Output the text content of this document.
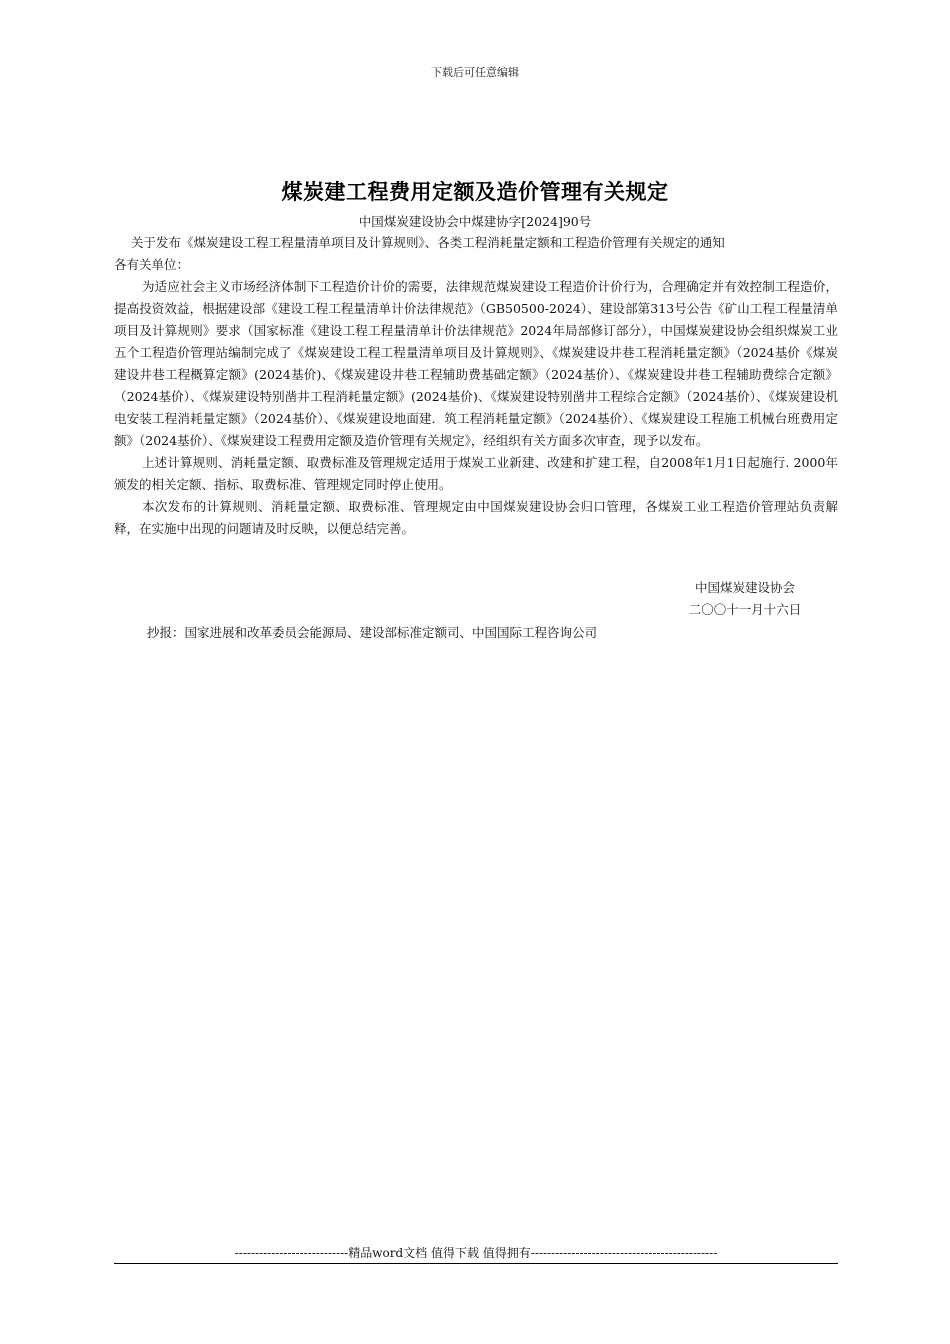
下载后可任意编辑
煤炭建工程费用定额及造价管理有关规定
中国煤炭建设协会中煤建协字[2024]90号

关于发布《煤炭建设工程工程量清单项目及计算规则》、各类工程消耗量定额和工程造价管理有关规定的通知

各有关单位：

为适应社会主义市场经济体制下工程造价计价的需要，法律规范煤炭建设工程造价计价行为，合理确定并有效控制工程造价，提高投资效益，根据建设部《建设工程工程量清单计价法律规范》（GB50500-2024）、建设部第313号公告《矿山工程工程量清单项目及计算规则》要求（国家标准《建设工程工程量清单计价法律规范》2024年局部修订部分），中国煤炭建设协会组织煤炭工业五个工程造价管理站编制完成了《煤炭建设工程工程量清单项目及计算规则》、《煤炭建设井巷工程消耗量定额》（2024基价《煤炭建设井巷工程概算定额》(2024基价)、《煤炭建设井巷工程辅助费基础定额》（2024基价）、《煤炭建设井巷工程辅助费综合定额》（2024基价）、《煤炭建设特别凿井工程消耗量定额》(2024基价)、《煤炭建设特别凿井工程综合定额》（2024基价）、《煤炭建设机电安装工程消耗量定额》（2024基价）、《煤炭建设地面建．筑工程消耗量定额》（2024基价）、《煤炭建设工程施工机械台班费用定额》（2024基价）、《煤炭建设工程费用定额及造价管理有关规定》，经组织有关方面多次审查，现予以发布。

上述计算规则、消耗量定额、取费标准及管理规定适用于煤炭工业新建、改建和扩建工程，自2008年1月1日起施行. 2000年颁发的相关定额、指标、取费标准、管理规定同时停止使用。

本次发布的计算规则、消耗量定额、取费标准、管理规定由中国煤炭建设协会归口管理，各煤炭工业工程造价管理站负责解释，在实施中出现的问题请及时反映，以便总结完善。

中国煤炭建设协会
二〇〇十一月十六日
抄报：国家进展和改革委员会能源局、建设部标准定额司、中国国际工程咨询公司
----------------------------精品word文档 值得下载 值得拥有----------------------------------------------
